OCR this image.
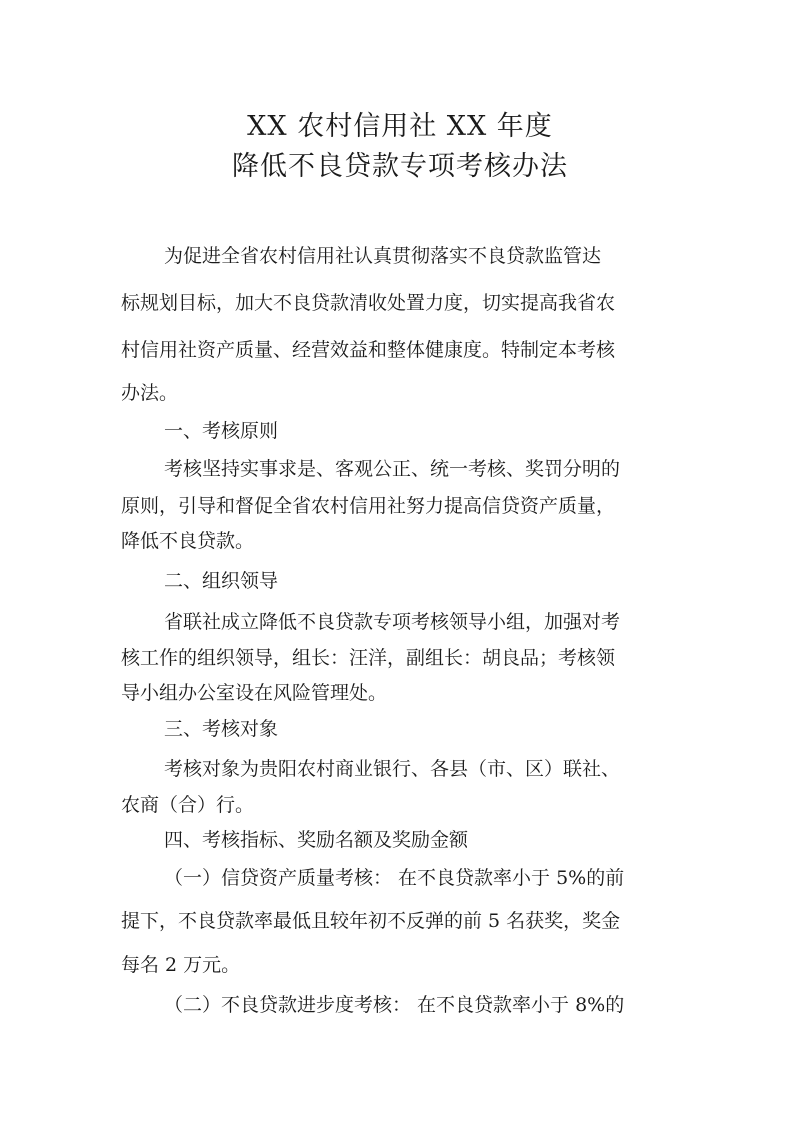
XX 农村信用社 XX 年度
降低不良贷款专项考核办法
为促进全省农村信用社认真贯彻落实不良贷款监管达
标规划目标，加大不良贷款清收处置力度，切实提高我省农
村信用社资产质量、经营效益和整体健康度。特制定本考核
办法。
一、考核原则
考核坚持实事求是、客观公正、统一考核、奖罚分明的
原则，引导和督促全省农村信用社努力提高信贷资产质量，
降低不良贷款。
二、组织领导
省联社成立降低不良贷款专项考核领导小组，加强对考
核工作的组织领导，组长：汪洋，副组长：胡良品；考核领
导小组办公室设在风险管理处。
三、考核对象
考核对象为贵阳农村商业银行、各县（市、区）联社、
农商（合）行。
四、考核指标、奖励名额及奖励金额
（一）信贷资产质量考核： 在不良贷款率小于 5%的前
提下，不良贷款率最低且较年初不反弹的前 5 名获奖，奖金
每名 2 万元。
（二）不良贷款进步度考核： 在不良贷款率小于 8%的
